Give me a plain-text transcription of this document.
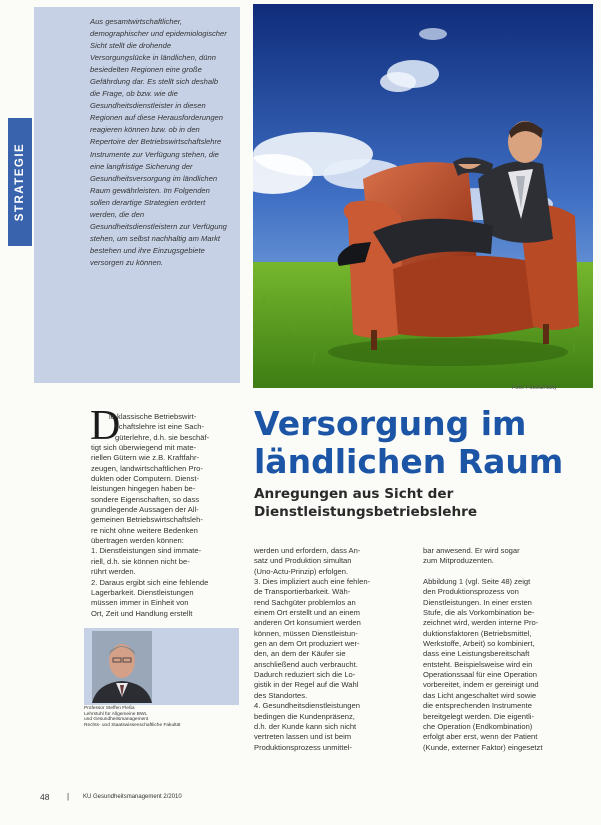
STRATEGIE
Aus gesamtwirtschaftlicher, demographischer und epidemiologischer Sicht stellt die drohende Versorgungslücke in ländlichen, dünn besiedelten Regionen eine große Gefährdung dar. Es stellt sich deshalb die Frage, ob bzw. wie die Gesundheitsdienstleister in diesen Regionen auf diese Herausforderungen reagieren können bzw. ob in den Repertoire der Betriebswirtschaftslehre Instrumente zur Verfügung stehen, die eine langfristige Sicherung der Gesundheitsversorgung im ländlichen Raum gewährleisten. Im Folgenden sollen derartige Strategien erörtert werden, die den Gesundheitsdienstleistern zur Verfügung stehen, um selbst nachhaltig am Markt bestehen und ihre Einzugsgebiete versorgen zu können.
Foto: Fotolia/Nutty
Versorgung im
ländlichen Raum
Anregungen aus Sicht der
Dienstleistungsbetriebslehre
D

ie klassische Betriebswirt-

schaftslehre ist eine Sach-

güterlehre, d.h. sie beschäf-

tigt sich überwiegend mit mate-

riellen Gütern wie z.B. Kraftfahr-

zeugen, landwirtschaftlichen Pro-

dukten oder Computern. Dienst-

leistungen hingegen haben be-

sondere Eigenschaften, so dass

grundlegende Aussagen der All-

gemeinen Betriebswirtschaftsleh-

re nicht ohne weitere Bedenken

übertragen werden können:

1. Dienstleistungen sind immate-

riell, d.h. sie können nicht be-

rührt werden.

2. Daraus ergibt sich eine fehlende

Lagerbarkeit. Dienstleistungen

müssen immer in Einheit von

Ort, Zeit und Handlung erstellt

werden und erfordern, dass An-

satz und Produktion simultan

(Uno-Actu-Prinzip) erfolgen.

3. Dies impliziert auch eine fehlen-

de Transportierbarkeit. Wäh-

rend Sachgüter problemlos an

einem Ort erstellt und an einem

anderen Ort konsumiert werden

können, müssen Dienstleistun-

gen an dem Ort produziert wer-

den, an dem der Käufer sie

anschließend auch verbraucht.

Dadurch reduziert sich die Lo-

gistik in der Regel auf die Wahl

des Standortes.

4. Gesundheitsdienstleistungen

bedingen die Kundenpräsenz,

d.h. der Kunde kann sich nicht

vertreten lassen und ist beim

Produktionsprozess unmittel-

bar anwesend. Er wird sogar

zum Mitproduzenten.

Abbildung 1 (vgl. Seite 48) zeigt

den Produktionsprozess von

Dienstleistungen. In einer ersten

Stufe, die als Vorkombination be-

zeichnet wird, werden interne Pro-

duktionsfaktoren (Betriebsmittel,

Werkstoffe, Arbeit) so kombiniert,

dass eine Leistungsbereitschaft

entsteht. Beispielsweise wird ein

Operationssaal für eine Operation

vorbereitet, indem er gereinigt und

das Licht angeschaltet wird sowie

die entsprechenden Instrumente

bereitgelegt werden. Die eigentli-

che Operation (Endkombination)

erfolgt aber erst, wenn der Patient

(Kunde, externer Faktor) eingesetzt

Professor Steffen Fleßa

Lehrstuhl für Allgemeine BWL

und Gesundheitsmanagement

Rechts- und Staatswissenschaftliche Fakultät

48 | KU Gesundheitsmanagement 2/2010
